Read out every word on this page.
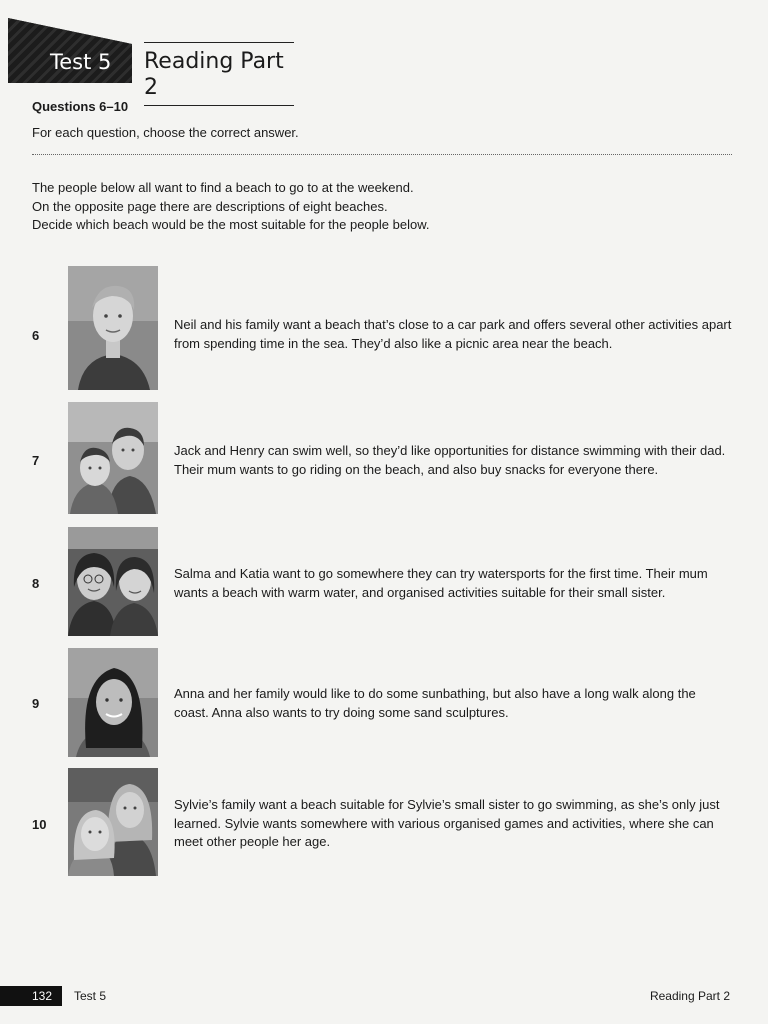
Test 5 Reading Part 2
Questions 6–10
For each question, choose the correct answer.
The people below all want to find a beach to go to at the weekend.
On the opposite page there are descriptions of eight beaches.
Decide which beach would be the most suitable for the people below.
6
Neil and his family want a beach that’s close to a car park and offers several other activities apart from spending time in the sea. They’d also like a picnic area near the beach.
7
Jack and Henry can swim well, so they’d like opportunities for distance swimming with their dad. Their mum wants to go riding on the beach, and also buy snacks for everyone there.
8
Salma and Katia want to go somewhere they can try watersports for the first time. Their mum wants a beach with warm water, and organised activities suitable for their small sister.
9
Anna and her family would like to do some sunbathing, but also have a long walk along the coast. Anna also wants to try doing some sand sculptures.
10
Sylvie’s family want a beach suitable for Sylvie’s small sister to go swimming, as she’s only just learned. Sylvie wants somewhere with various organised games and activities, where she can meet other people her age.
132	Test 5	Reading Part 2
